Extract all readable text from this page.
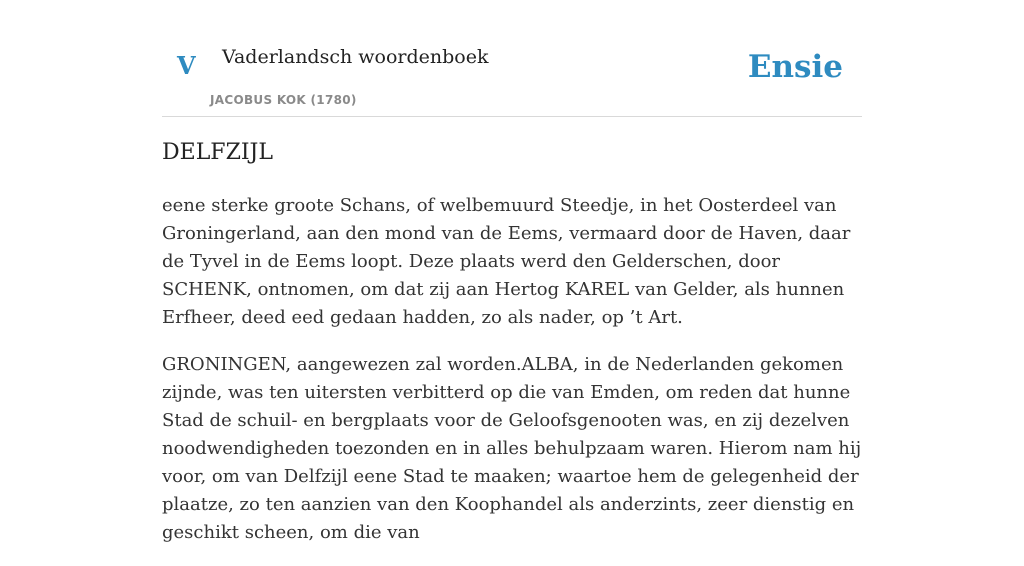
V Vaderlandsch woordenboek
JACOBUS KOK (1780)
Ensie
DELFZIJL

eene sterke groote Schans, of welbemuurd Steedje, in het Oosterdeel van Groningerland, aan den mond van de Eems, vermaard door de Haven, daar de Tyvel in de Eems loopt. Deze plaats werd den Gelderschen, door SCHENK, ontnomen, om dat zij aan Hertog KAREL van Gelder, als hunnen Erfheer, deed eed gedaan hadden, zo als nader, op ’t Art.

GRONINGEN, aangewezen zal worden.ALBA, in de Nederlanden gekomen zijnde, was ten uitersten verbitterd op die van Emden, om reden dat hunne Stad de schuil- en bergplaats voor de Geloofsgenooten was, en zij dezelven noodwendigheden toezonden en in alles behulpzaam waren. Hierom nam hij voor, om van Delfzijl eene Stad te maaken; waartoe hem de gelegenheid der plaatze, zo ten aanzien van den Koophandel als anderzints, zeer dienstig en geschikt scheen, om die van
